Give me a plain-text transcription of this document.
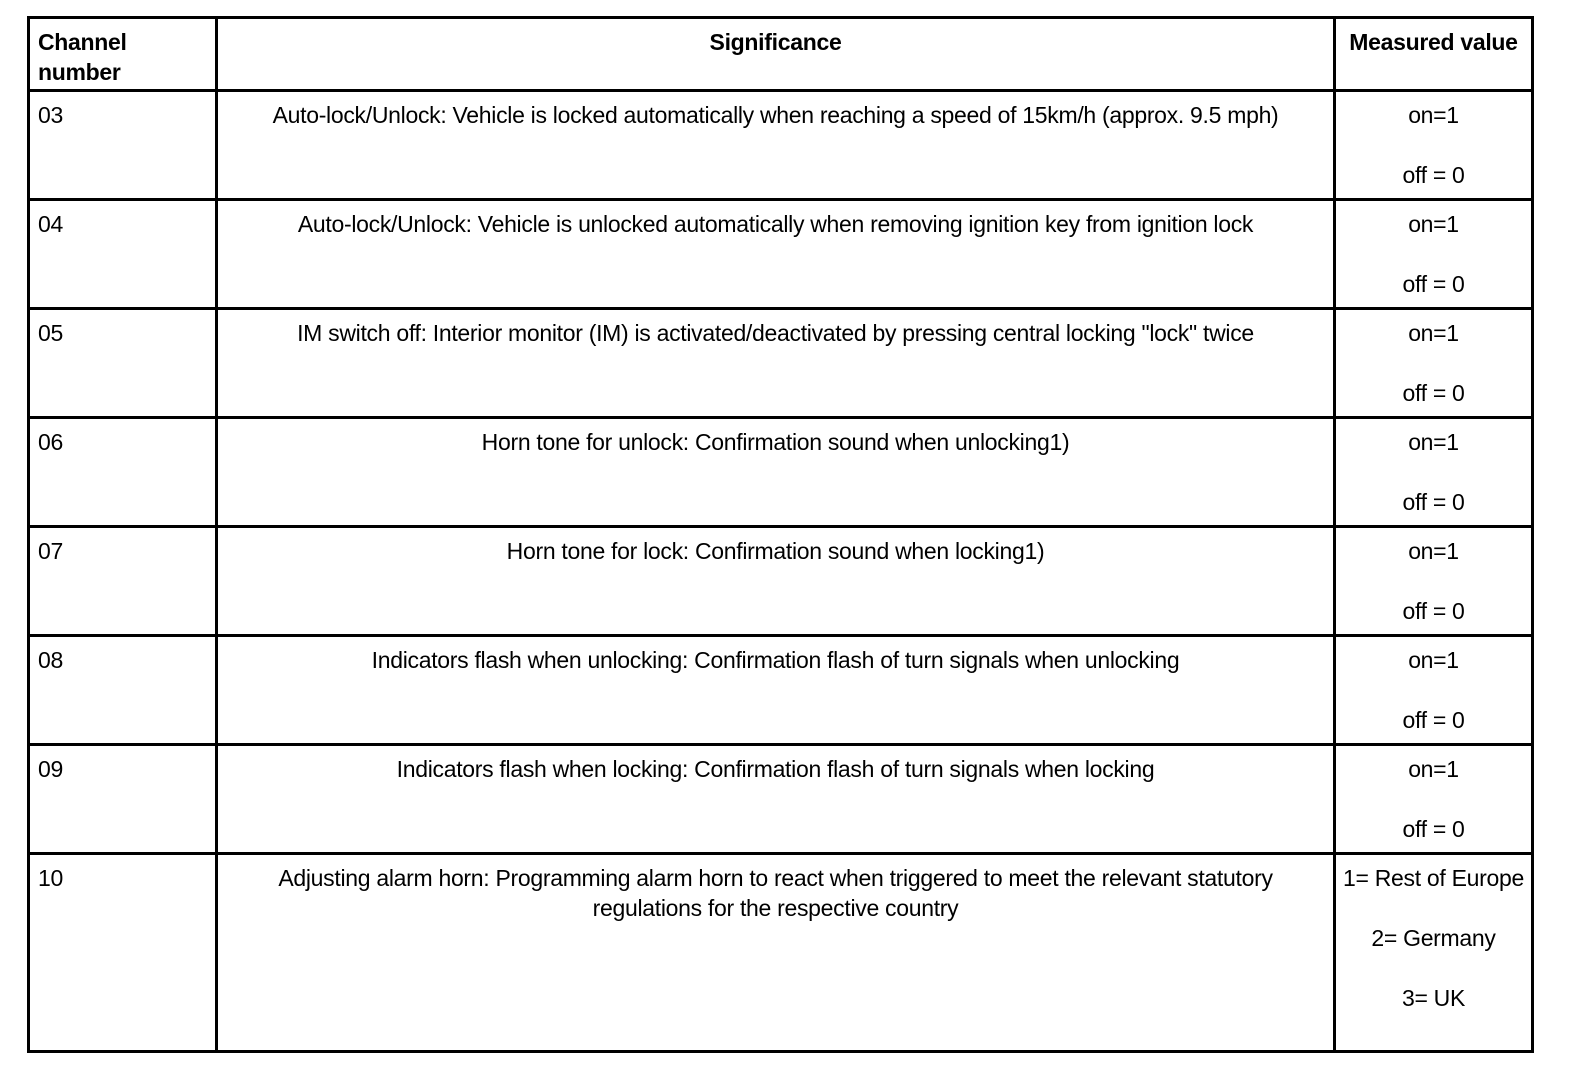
Channel number	Significance	Measured value
03	Auto-lock/Unlock: Vehicle is locked automatically when reaching a speed of 15km/h (approx. 9.5 mph)	on=1
off = 0

04	Auto-lock/Unlock: Vehicle is unlocked automatically when removing ignition key from ignition lock	on=1
off = 0

05	IM switch off: Interior monitor (IM) is activated/deactivated by pressing central locking "lock" twice	on=1
off = 0

06	Horn tone for unlock: Confirmation sound when unlocking1)	on=1
off = 0

07	Horn tone for lock: Confirmation sound when locking1)	on=1
off = 0

08	Indicators flash when unlocking: Confirmation flash of turn signals when unlocking	on=1
off = 0

09	Indicators flash when locking: Confirmation flash of turn signals when locking	on=1
off = 0

10	Adjusting alarm horn: Programming alarm horn to react when triggered to meet the relevant statutory regulations for the respective country	1= Rest of Europe
2= Germany
3= UK
